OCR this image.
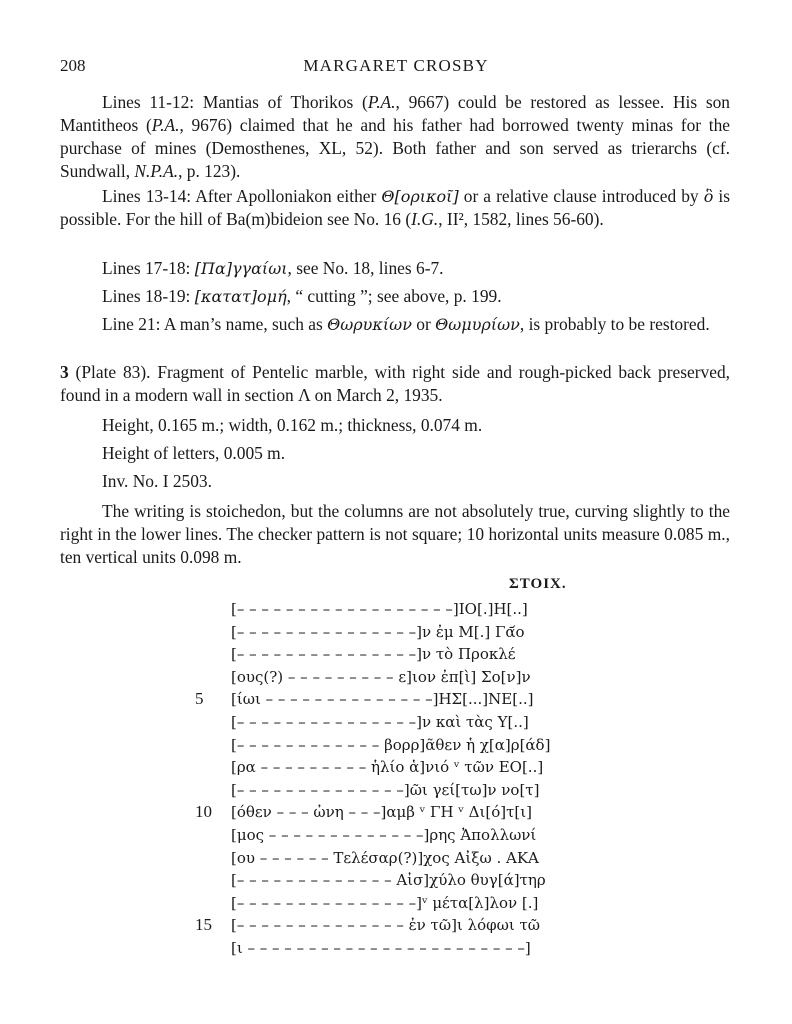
208	MARGARET CROSBY

Lines 11-12: Mantias of Thorikos (P.A., 9667) could be restored as lessee. His son Mantitheos (P.A., 9676) claimed that he and his father had borrowed twenty minas for the purchase of mines (Demosthenes, XL, 52). Both father and son served as trierarchs (cf. Sundwall, N.P.A., p. 123).

Lines 13-14: After Apolloniakon either Θ[ορικοῖ] or a relative clause introduced by ὃ is possible. For the hill of Ba(m)bideion see No. 16 (I.G., II², 1582, lines 56-60).

Lines 17-18: [Πα]γγαίωι, see No. 18, lines 6-7.

Lines 18-19: [κατατ]ομή, “ cutting ”; see above, p. 199.

Line 21: A man’s name, such as Θωρυκίων or Θωμυρίων, is probably to be restored.

3 (Plate 83). Fragment of Pentelic marble, with right side and rough-picked back preserved, found in a modern wall in section Λ on March 2, 1935.

Height, 0.165 m.; width, 0.162 m.; thickness, 0.074 m.

Height of letters, 0.005 m.

Inv. No. I 2503.

The writing is stoichedon, but the columns are not absolutely true, curving slightly to the right in the lower lines. The checker pattern is not square; 10 horizontal units measure 0.085 m., ten vertical units 0.098 m.

ΣΤΟΙΧ.
[– – – – – – – – – – – – – – – – – –]ΙΟ[.]Η[..]
[– – – – – – – – – – – – – – –]ν ἐμ Μ[.] Γα᷄ο
[– – – – – – – – – – – – – – –]ν τὸ Προκλέ
[ους(?) – – – – – – – – – ε]ιον ἐπ[ὶ] Σο[ν]ν
5	[ίωι – – – – – – – – – – – – – –]ΗΣ[...]ΝΕ[..]
[– – – – – – – – – – – – – – –]ν καὶ τὰς Υ[..]
[– – – – – – – – – – – – βορρ]ᾶθεν ἡ χ[α]ρ[άδ]
[ρα – – – – – – – – – ἡλίο ἁ]νιό ᵛ τῶν ΕΟ[..]
[– – – – – – – – – – – – – –]ῶι γεί[τω]ν νο[τ]
10	[όθεν – – – ὠνη – – –]αμβ ᵛ ΓΗ ᵛ Δι[ό]τ[ι]
[μος – – – – – – – – – – – – –]ρης Ἀπολλωνί
[ου – – – – – – Τελέσαρ(?)]χος Αἰξω . ΑΚΑ
[– – – – – – – – – – – – – Αἰσ]χύλο θυγ[ά]τηρ
[– – – – – – – – – – – – – – –]ᵛ μέτα[λ]λον [.]
15	[– – – – – – – – – – – – – – ἐν τῶ]ι λόφωι τῶ
[ι – – – – – – – – – – – – – – – – – – – – – – –]
